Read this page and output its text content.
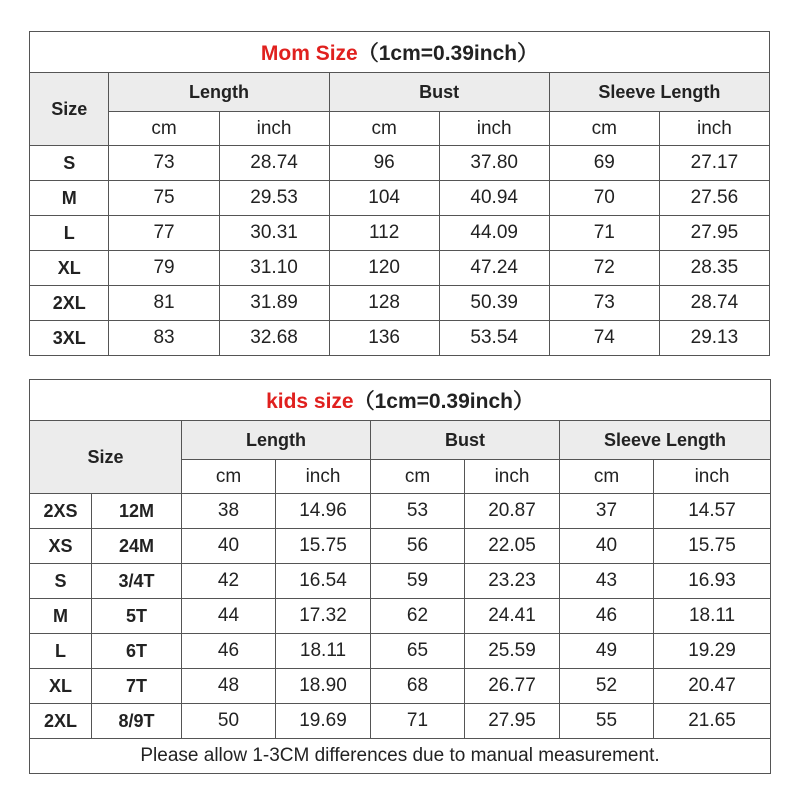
Mom Size（1cm=0.39inch）						
Size	Length		Bust		Sleeve Length	
	cm	inch	cm	inch	cm	inch
S	73	28.74	96	37.80	69	27.17
M	75	29.53	104	40.94	70	27.56
L	77	30.31	112	44.09	71	27.95
XL	79	31.10	120	47.24	72	28.35
2XL	81	31.89	128	50.39	73	28.74
3XL	83	32.68	136	53.54	74	29.13
kids size（1cm=0.39inch）							
Size		Length		Bust		Sleeve Length	
		cm	inch	cm	inch	cm	inch
2XS	12M	38	14.96	53	20.87	37	14.57
XS	24M	40	15.75	56	22.05	40	15.75
S	3/4T	42	16.54	59	23.23	43	16.93
M	5T	44	17.32	62	24.41	46	18.11
L	6T	46	18.11	65	25.59	49	19.29
XL	7T	48	18.90	68	26.77	52	20.47
2XL	8/9T	50	19.69	71	27.95	55	21.65
Please allow 1-3CM differences due to manual measurement.							
